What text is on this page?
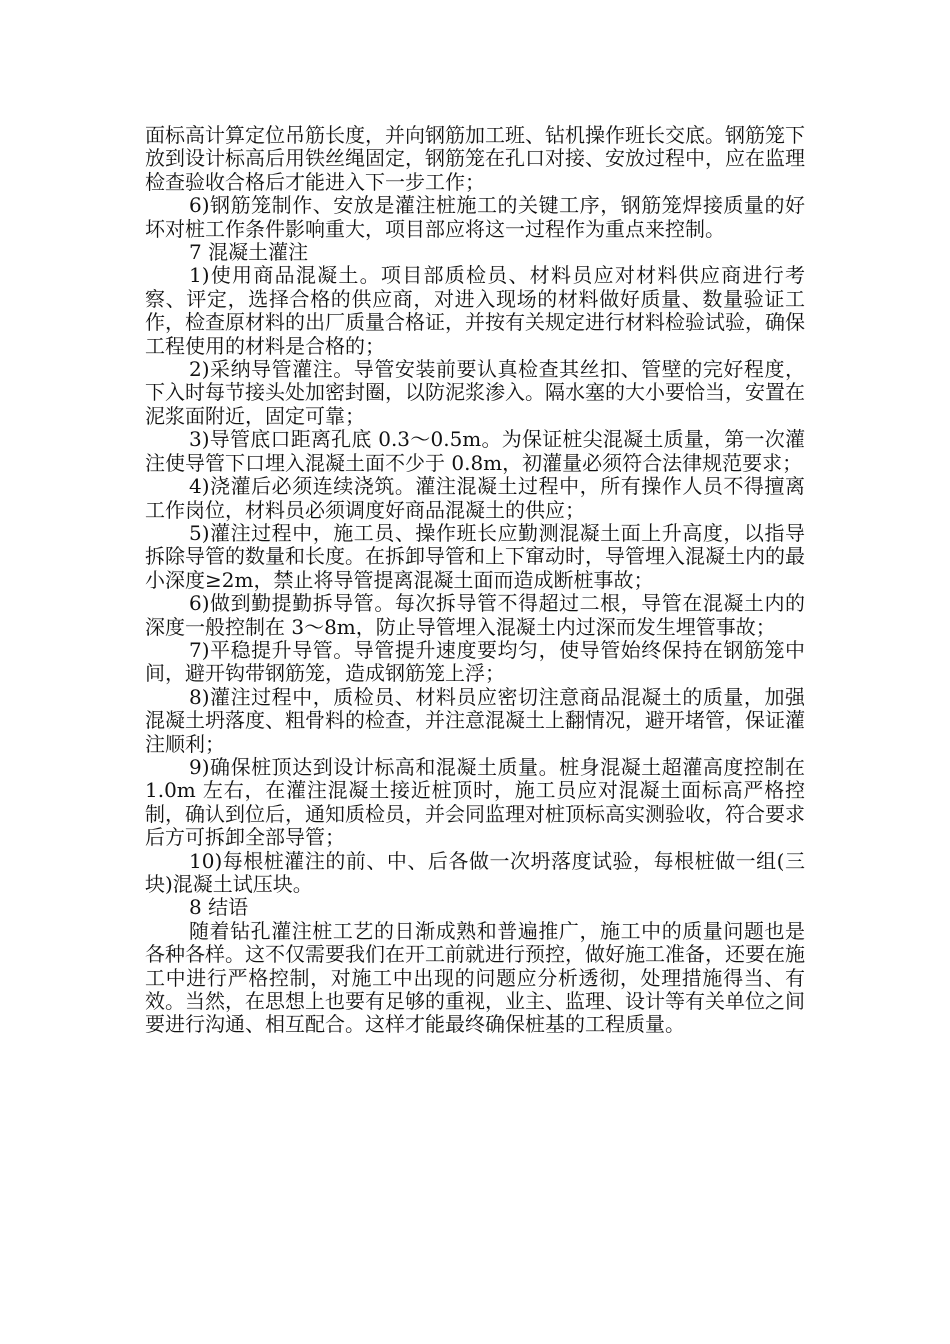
面标高计算定位吊筋长度，并向钢筋加工班、钻机操作班长交底。钢筋笼下放到设计标高后用铁丝绳固定，钢筋笼在孔口对接、安放过程中，应在监理检查验收合格后才能进入下一步工作；

6)钢筋笼制作、安放是灌注桩施工的关键工序，钢筋笼焊接质量的好坏对桩工作条件影响重大，项目部应将这一过程作为重点来控制。

7 混凝土灌注

1)使用商品混凝土。项目部质检员、材料员应对材料供应商进行考察、评定，选择合格的供应商，对进入现场的材料做好质量、数量验证工作，检查原材料的出厂质量合格证，并按有关规定进行材料检验试验，确保工程使用的材料是合格的；

2)采纳导管灌注。导管安装前要认真检查其丝扣、管壁的完好程度，下入时每节接头处加密封圈，以防泥浆渗入。隔水塞的大小要恰当，安置在泥浆面附近，固定可靠；

3)导管底口距离孔底 0.3～0.5m。为保证桩尖混凝土质量，第一次灌注使导管下口埋入混凝土面不少于 0.8m，初灌量必须符合法律规范要求；

4)浇灌后必须连续浇筑。灌注混凝土过程中，所有操作人员不得擅离工作岗位，材料员必须调度好商品混凝土的供应；

5)灌注过程中，施工员、操作班长应勤测混凝土面上升高度，以指导拆除导管的数量和长度。在拆卸导管和上下窜动时，导管埋入混凝土内的最小深度≥2m，禁止将导管提离混凝土面而造成断桩事故；

6)做到勤提勤拆导管。每次拆导管不得超过二根，导管在混凝土内的深度一般控制在 3～8m，防止导管埋入混凝土内过深而发生埋管事故；

7)平稳提升导管。导管提升速度要均匀，使导管始终保持在钢筋笼中间，避开钩带钢筋笼，造成钢筋笼上浮；

8)灌注过程中，质检员、材料员应密切注意商品混凝土的质量，加强混凝土坍落度、粗骨料的检查，并注意混凝土上翻情况，避开堵管，保证灌注顺利；

9)确保桩顶达到设计标高和混凝土质量。桩身混凝土超灌高度控制在 1.0m 左右，在灌注混凝土接近桩顶时，施工员应对混凝土面标高严格控制，确认到位后，通知质检员，并会同监理对桩顶标高实测验收，符合要求后方可拆卸全部导管；

10)每根桩灌注的前、中、后各做一次坍落度试验，每根桩做一组(三块)混凝土试压块。

8 结语

随着钻孔灌注桩工艺的日渐成熟和普遍推广，施工中的质量问题也是各种各样。这不仅需要我们在开工前就进行预控，做好施工准备，还要在施工中进行严格控制，对施工中出现的问题应分析透彻，处理措施得当、有效。当然，在思想上也要有足够的重视，业主、监理、设计等有关单位之间要进行沟通、相互配合。这样才能最终确保桩基的工程质量。
